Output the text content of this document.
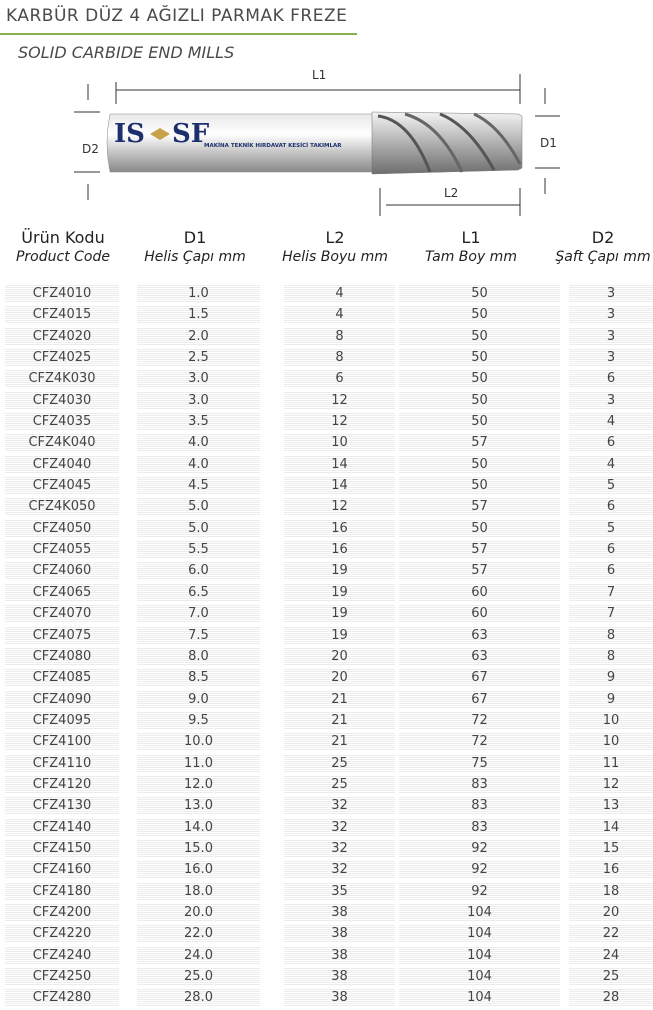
KARBÜR DÜZ 4 AĞIZLI PARMAK FREZE
SOLID CARBIDE END MILLS
IS SF
MAKİNA TEKNİK HIRDAVAT KESİCİ TAKIMLAR
L1
D2	D1
L2
Ürün Kodu
Product Code
D1
Helis Çapı mm
L2
Helis Boyu mm
L1
Tam Boy mm
D2
Şaft Çapı mm
CFZ4010	1.0	4	50	3
CFZ4015	1.5	4	50	3
CFZ4020	2.0	8	50	3
CFZ4025	2.5	8	50	3
CFZ4K030	3.0	6	50	6
CFZ4030	3.0	12	50	3
CFZ4035	3.5	12	50	4
CFZ4K040	4.0	10	57	6
CFZ4040	4.0	14	50	4
CFZ4045	4.5	14	50	5
CFZ4K050	5.0	12	57	6
CFZ4050	5.0	16	50	5
CFZ4055	5.5	16	57	6
CFZ4060	6.0	19	57	6
CFZ4065	6.5	19	60	7
CFZ4070	7.0	19	60	7
CFZ4075	7.5	19	63	8
CFZ4080	8.0	20	63	8
CFZ4085	8.5	20	67	9
CFZ4090	9.0	21	67	9
CFZ4095	9.5	21	72	10
CFZ4100	10.0	21	72	10
CFZ4110	11.0	25	75	11
CFZ4120	12.0	25	83	12
CFZ4130	13.0	32	83	13
CFZ4140	14.0	32	83	14
CFZ4150	15.0	32	92	15
CFZ4160	16.0	32	92	16
CFZ4180	18.0	35	92	18
CFZ4200	20.0	38	104	20
CFZ4220	22.0	38	104	22
CFZ4240	24.0	38	104	24
CFZ4250	25.0	38	104	25
CFZ4280	28.0	38	104	28
